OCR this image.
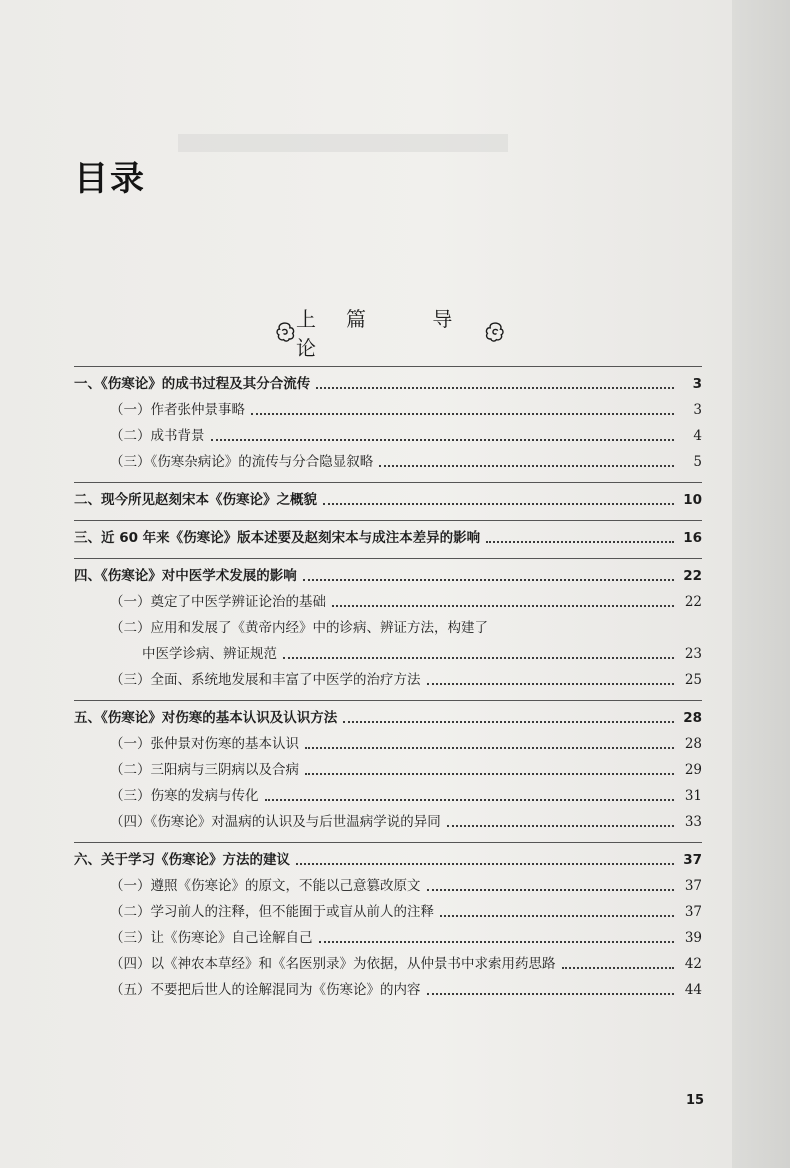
目录
上篇 导 论
一、《伤寒论》的成书过程及其分合流传	3
（一）作者张仲景事略	3
（二）成书背景	4
（三）《伤寒杂病论》的流传与分合隐显叙略	5
二、现今所见赵刻宋本《伤寒论》之概貌	10
三、近 60 年来《伤寒论》版本述要及赵刻宋本与成注本差异的影响	16
四、《伤寒论》对中医学术发展的影响	22
（一）奠定了中医学辨证论治的基础	22
（二）应用和发展了《黄帝内经》中的诊病、辨证方法，构建了
中医学诊病、辨证规范	23
（三）全面、系统地发展和丰富了中医学的治疗方法	25
五、《伤寒论》对伤寒的基本认识及认识方法	28
（一）张仲景对伤寒的基本认识	28
（二）三阳病与三阴病以及合病	29
（三）伤寒的发病与传化	31
（四）《伤寒论》对温病的认识及与后世温病学说的异同	33
六、关于学习《伤寒论》方法的建议	37
（一）遵照《伤寒论》的原文，不能以己意篡改原文	37
（二）学习前人的注释，但不能囿于或盲从前人的注释	37
（三）让《伤寒论》自己诠解自己	39
（四）以《神农本草经》和《名医别录》为依据，从仲景书中求索用药思路	42
（五）不要把后世人的诠解混同为《伤寒论》的内容	44
15
